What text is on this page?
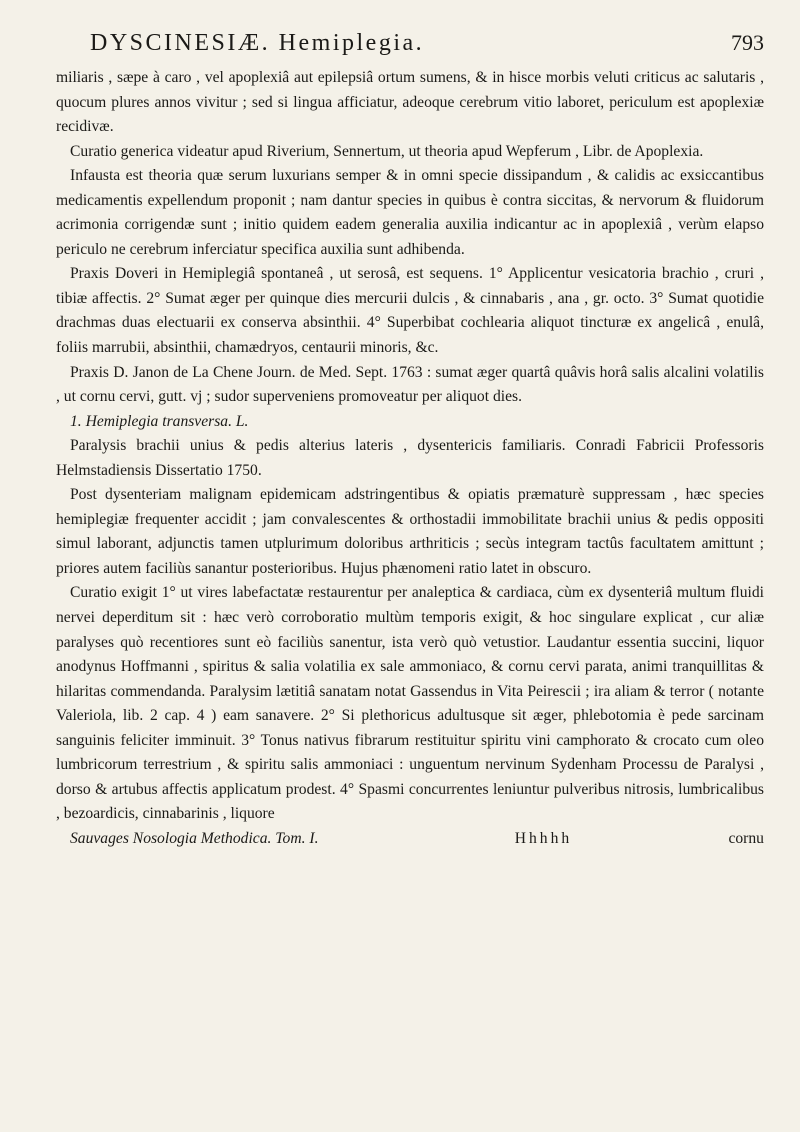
DYSCINESIÆ. Hemiplegia.	793

miliaris , sæpe à caro , vel apoplexiâ aut epilepsiâ ortum sumens, & in hisce morbis veluti criticus ac salutaris , quocum plures annos vivitur ; sed si lingua afficiatur, adeoque cerebrum vitio laboret, periculum est apoplexiæ recidivæ.

Curatio generica videatur apud Riverium, Sennertum, ut theoria apud Wepferum , Libr. de Apoplexia.

Infausta est theoria quæ serum luxurians semper & in omni specie dissipandum , & calidis ac exsiccantibus medicamentis expellendum proponit ; nam dantur species in quibus è contra siccitas, & nervorum & fluidorum acrimonia corrigendæ sunt ; initio quidem eadem generalia auxilia indicantur ac in apoplexiâ , verùm elapso periculo ne cerebrum inferciatur specifica auxilia sunt adhibenda.

Praxis Doveri in Hemiplegiâ spontaneâ , ut serosâ, est sequens. 1° Applicentur vesicatoria brachio , cruri , tibiæ affectis. 2° Sumat æger per quinque dies mercurii dulcis , & cinnabaris , ana , gr. octo. 3° Sumat quotidie drachmas duas electuarii ex conserva absinthii. 4° Superbibat cochlearia aliquot tincturæ ex angelicâ , enulâ, foliis marrubii, absinthii, chamædryos, centaurii minoris, &c.

Praxis D. Janon de La Chene Journ. de Med. Sept. 1763 : sumat æger quartâ quâvis horâ salis alcalini volatilis , ut cornu cervi, gutt. vj ; sudor superveniens promoveatur per aliquot dies.

1. Hemiplegia transversa. L.

Paralysis brachii unius & pedis alterius lateris , dysentericis familiaris. Conradi Fabricii Professoris Helmstadiensis Dissertatio 1750.

Post dysenteriam malignam epidemicam adstringentibus & opiatis præmaturè suppressam , hæc species hemiplegiæ frequenter accidit ; jam convalescentes & orthostadii immobilitate brachii unius & pedis oppositi simul laborant, adjunctis tamen utplurimum doloribus arthriticis ; secùs integram tactûs facultatem amittunt ; priores autem faciliùs sanantur posterioribus. Hujus phænomeni ratio latet in obscuro.

Curatio exigit 1° ut vires labefactatæ restaurentur per analeptica & cardiaca, cùm ex dysenteriâ multum fluidi nervei deperditum sit : hæc verò corroboratio multùm temporis exigit, & hoc singulare explicat , cur aliæ paralyses quò recentiores sunt eò faciliùs sanentur, ista verò quò vetustior. Laudantur essentia succini, liquor anodynus Hoffmanni , spiritus & salia volatilia ex sale ammoniaco, & cornu cervi parata, animi tranquillitas & hilaritas commendanda. Paralysim lætitiâ sanatam notat Gassendus in Vita Peirescii ; ira aliam & terror ( notante Valeriola, lib. 2 cap. 4 ) eam sanavere. 2° Si plethoricus adultusque sit æger, phlebotomia è pede sarcinam sanguinis feliciter imminuit. 3° Tonus nativus fibrarum restituitur spiritu vini camphorato & crocato cum oleo lumbricorum terrestrium , & spiritu salis ammoniaci : unguentum nervinum Sydenham Processu de Paralysi , dorso & artubus affectis applicatum prodest. 4° Spasmi concurrentes leniuntur pulveribus nitrosis, lumbricalibus , bezoardicis, cinnabarinis , liquore

Sauvages Nosologia Methodica. Tom. I.	Hhhhh	cornu
